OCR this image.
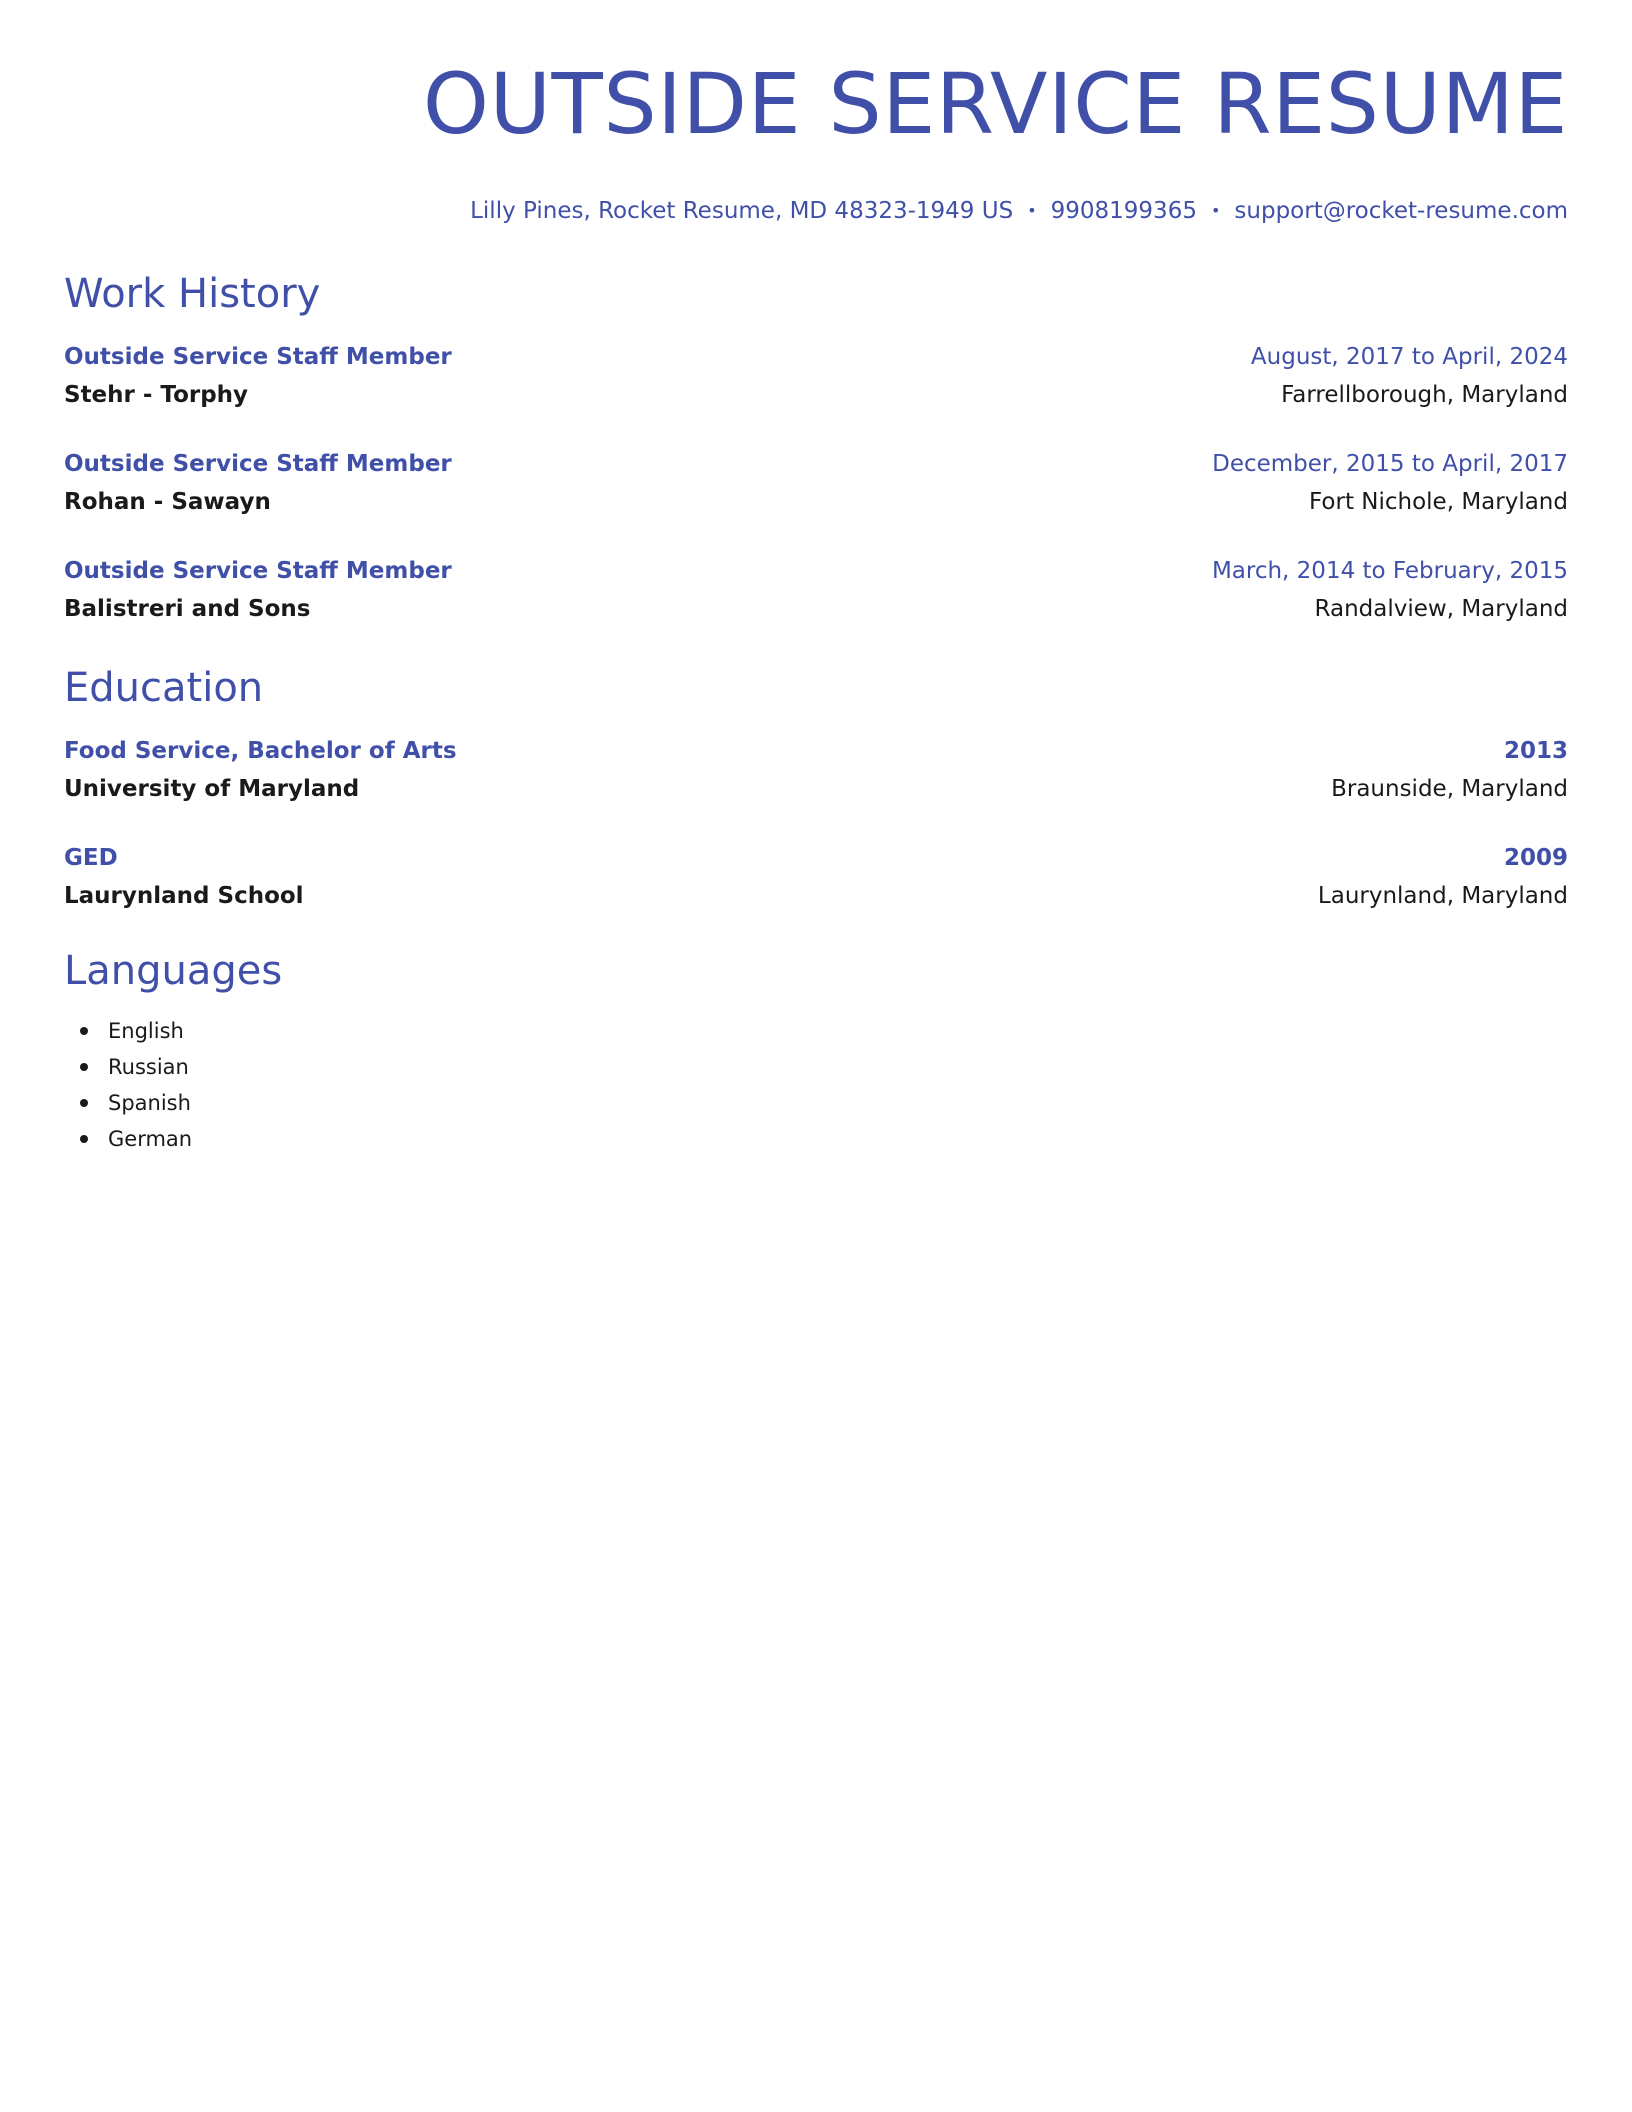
OUTSIDE SERVICE RESUME
Lilly Pines, Rocket Resume, MD 48323-1949 US • 9908199365 • support@rocket-resume.com
Work History
Outside Service Staff Member	August, 2017 to April, 2024
Stehr - Torphy	Farrellborough, Maryland
Outside Service Staff Member	December, 2015 to April, 2017
Rohan - Sawayn	Fort Nichole, Maryland
Outside Service Staff Member	March, 2014 to February, 2015
Balistreri and Sons	Randalview, Maryland
Education
Food Service, Bachelor of Arts	2013
University of Maryland	Braunside, Maryland
GED	2009
Laurynland School	Laurynland, Maryland
Languages
English
Russian
Spanish
German
